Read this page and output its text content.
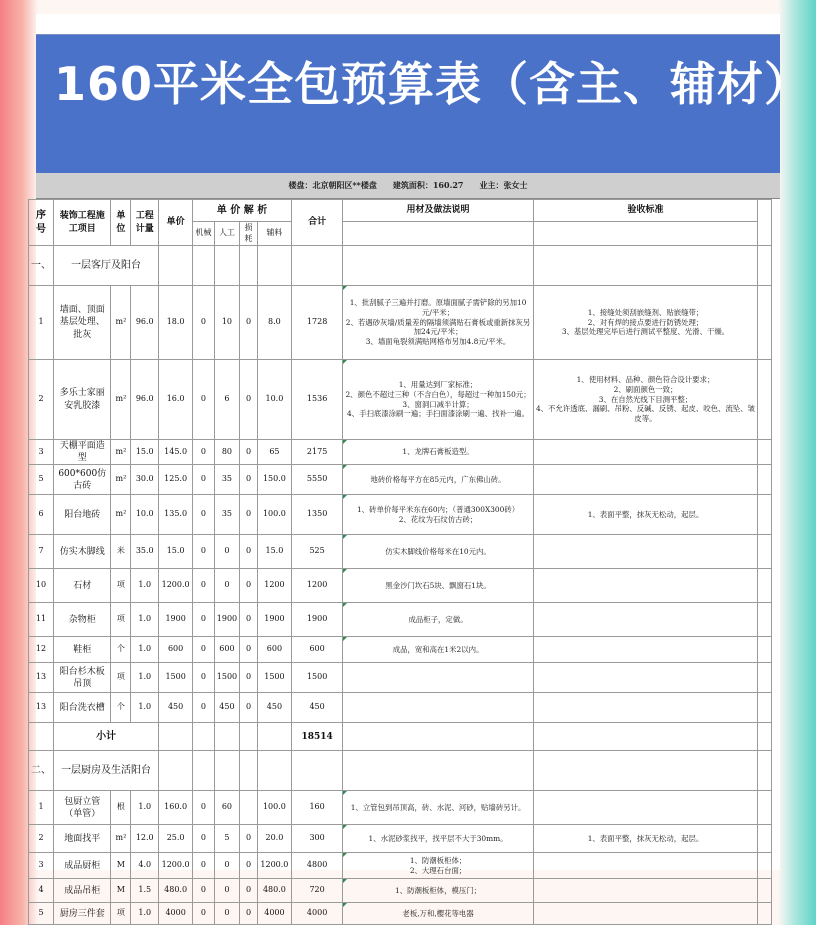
160平米全包预算表（含主、辅材）
楼盘：北京朝阳区**楼盘　　建筑面积：160.27　　业主：张女士
序 号	装饰工程施工项目	单位	工程计量	单价	单 价 解 析				合计	用材及做法说明	验收标准	
					机械	人工	损耗	辅料				
一、	一层客厅及阳台											
1	墙面、顶面基层处理、批灰	m²	96.0	18.0	0	10	0	8.0	1728	1、批刮腻子三遍并打磨。原墙面腻子需铲除的另加10元/平米；
2、若遇砂灰墙/质量差的隔墙须满贴石膏板或重新抹灰另加24元/平米；
3、墙面龟裂须满贴网格布另加4.8元/平米。	1、接缝处须刮嵌缝剂、贴嵌缝带；
2、对有焊的接点要进行防锈处理；
3、基层处理完毕后进行测试平整度、光滑、干燥。	
2	多乐士家丽安乳胶漆	m²	96.0	16.0	0	6	0	10.0	1536	1、用量达到厂家标准；
2、颜色不超过三种（不含白色），每超过一种加150元；
3、窗洞口减半计算；
4、手扫底漆涂刷一遍；手扫面漆涂刷一遍、找补一遍。	1、使用材料、品种、颜色符合设计要求；
2、刷面颜色一致；
3、在自然光线下目测平整；
4、不允许透底、漏刷、吊粉、反碱、反锈、起皮、咬色、流坠、皱皮等。	
3	天棚平面造型	m²	15.0	145.0	0	80	0	65	2175	1、龙牌石膏板造型。		
5	600*600仿古砖	m²	30.0	125.0	0	35	0	150.0	5550	地砖价格每平方在85元内，广东佛山砖。		
6	阳台地砖	m²	10.0	135.0	0	35	0	100.0	1350	1、砖单价每平米东在60内；（普通300X300砖）
2、花纹为石纹仿古砖；	1、表面平整，抹灰无松动，起层。	
7	仿实木脚线	米	35.0	15.0	0	0	0	15.0	525	仿实木脚线价格每米在10元内。		
10	石材	项	1.0	1200.0	0	0	0	1200	1200	黑金沙门坎石5块、飘窗石1块。		
11	杂物柜	项	1.0	1900	0	1900	0	1900	1900	成品柜子，定做。		
12	鞋柜	个	1.0	600	0	600	0	600	600	成品，宽和高在1米2以内。		
13	阳台杉木板吊顶	项	1.0	1500	0	1500	0	1500	1500			
13	阳台洗衣槽	个	1.0	450	0	450	0	450	450			
	小计								18514			
二、	一层厨房及生活阳台											
1	包厨立管（单管）	根	1.0	160.0	0	60		100.0	160	1、立管包到吊顶高，砖、水泥、河砂，贴墙砖另计。		
2	地面找平	m²	12.0	25.0	0	5	0	20.0	300	1、水泥砂浆找平，找平层不大于30mm。	1、表面平整，抹灰无松动，起层。	
3	成品厨柜	M	4.0	1200.0	0	0	0	1200.0	4800	1、防潮板柜体；
2、大理石台面；		
4	成品吊柜	M	1.5	480.0	0	0	0	480.0	720	1、防潮板柜体，模压门；		
5	厨房三件套	项	1.0	4000	0	0	0	4000	4000	老板,万和,樱花等电器		
